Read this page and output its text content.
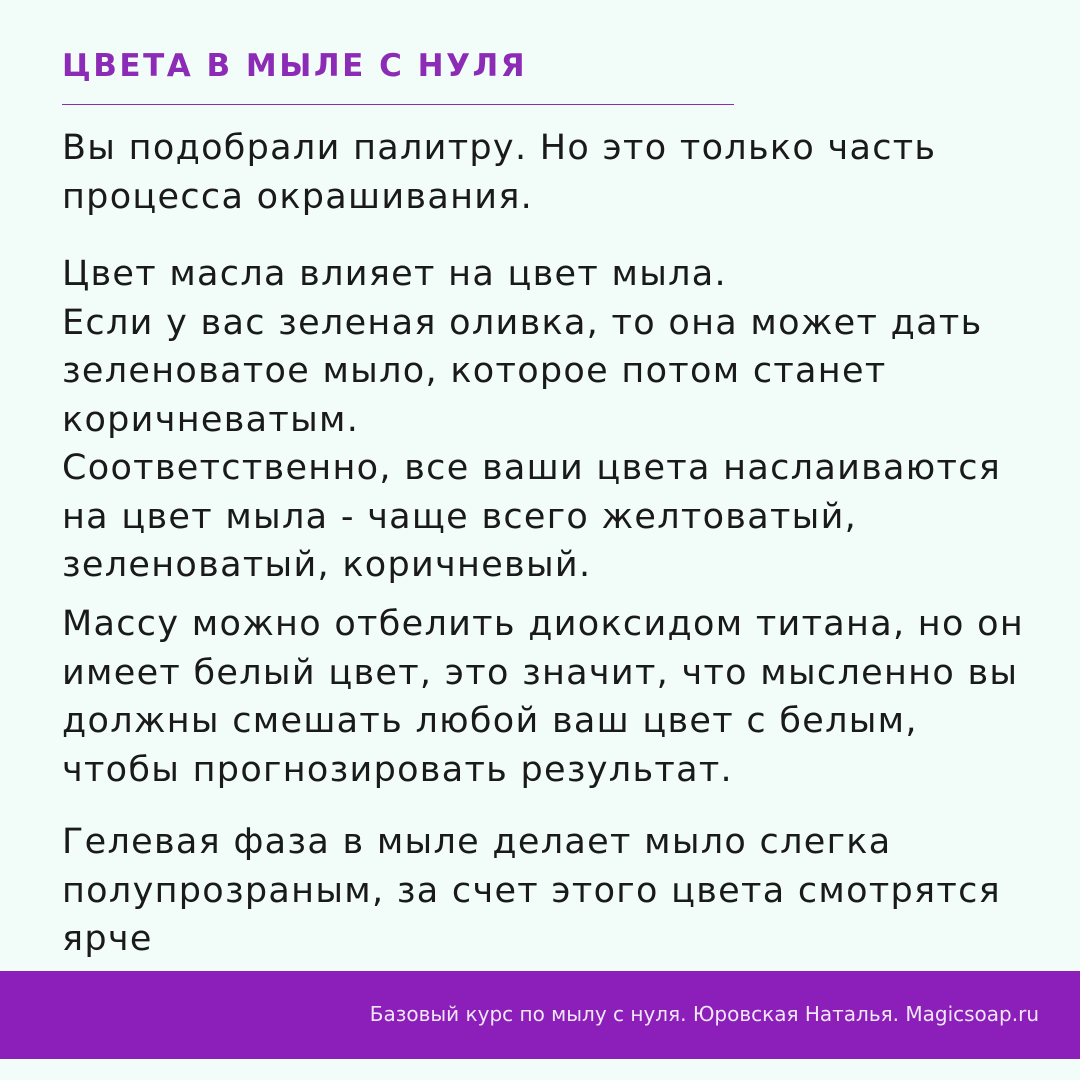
ЦВЕТА В МЫЛЕ С НУЛЯ

Вы подобрали палитру. Но это только часть
процесса окрашивания.

Цвет масла влияет на цвет мыла.
Если у вас зеленая оливка, то она может дать
зеленоватое мыло, которое потом станет
коричневатым.
Соответственно, все ваши цвета наслаиваются
на цвет мыла - чаще всего желтоватый,
зеленоватый, коричневый.

Массу можно отбелить диоксидом титана, но он
имеет белый цвет, это значит, что мысленно вы
должны смешать любой ваш цвет с белым,
чтобы прогнозировать результат.

Гелевая фаза в мыле делает мыло слегка
полупрозраным, за счет этого цвета смотрятся
ярче

Базовый курс по мылу с нуля. Юровская Наталья. Magicsoap.ru
